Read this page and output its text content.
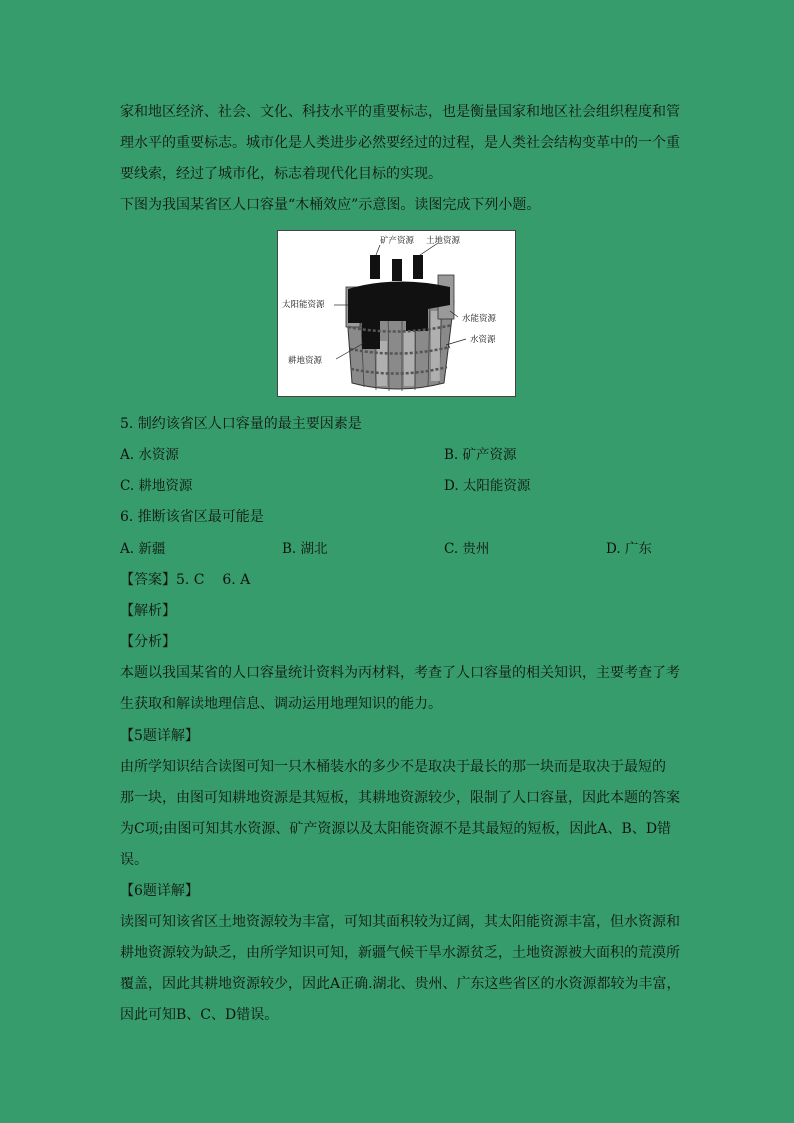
家和地区经济、社会、文化、科技水平的重要标志，也是衡量国家和地区社会组织程度和管
理水平的重要标志。城市化是人类进步必然要经过的过程，是人类社会结构变革中的一个重
要线索，经过了城市化，标志着现代化目标的实现。
下图为我国某省区人口容量“木桶效应”示意图。读图完成下列小题。
矿产资源 土地资源
太阳能资源
水能资源
水资源
耕地资源
5. 制约该省区人口容量的最主要因素是
A. 水资源	B. 矿产资源
C. 耕地资源	D. 太阳能资源
6. 推断该省区最可能是
A. 新疆	B. 湖北	C. 贵州	D. 广东
【答案】5. C    6. A
【解析】
【分析】
本题以我国某省的人口容量统计资料为丙材料，考查了人口容量的相关知识，主要考查了考
生获取和解读地理信息、调动运用地理知识的能力。
【5题详解】
由所学知识结合读图可知一只木桶装水的多少不是取决于最长的那一块而是取决于最短的
那一块，由图可知耕地资源是其短板，其耕地资源较少，限制了人口容量，因此本题的答案
为C项;由图可知其水资源、矿产资源以及太阳能资源不是其最短的短板，因此A、B、D错
误。
【6题详解】
读图可知该省区土地资源较为丰富，可知其面积较为辽阔，其太阳能资源丰富，但水资源和
耕地资源较为缺乏，由所学知识可知，新疆气候干旱水源贫乏，土地资源被大面积的荒漠所
覆盖，因此其耕地资源较少，因此A正确.湖北、贵州、广东这些省区的水资源都较为丰富，
因此可知B、C、D错误。
